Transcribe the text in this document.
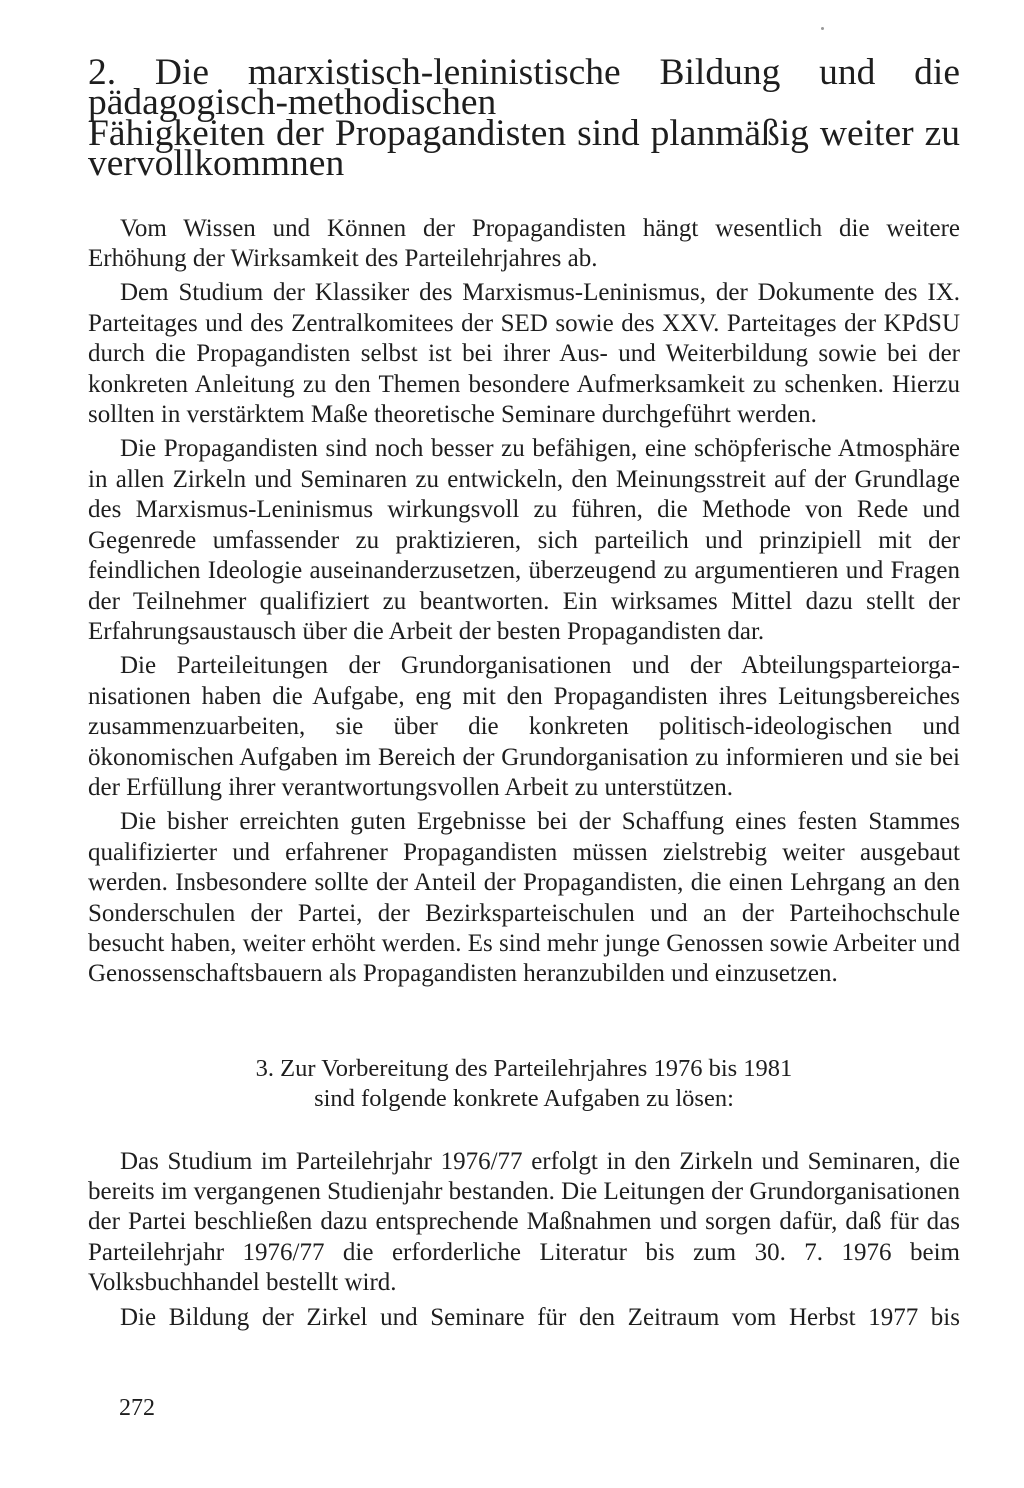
2. Die marxistisch-leninistische Bildung und die pädagogisch-methodischen
Fähigkeiten der Propagandisten sind planmäßig weiter zu vervollkommnen

Vom Wissen und Können der Propagandisten hängt wesentlich die weitere Erhöhung der Wirksamkeit des Parteilehrjahres ab.

Dem Studium der Klassiker des Marxismus-Leninismus, der Dokumente des IX. Parteitages und des Zentralkomitees der SED sowie des XXV. Parteitages der KPdSU durch die Propagandisten selbst ist bei ihrer Aus- und Weiterbildung sowie bei der konkreten Anleitung zu den Themen besondere Aufmerksamkeit zu schenken. Hierzu sollten in verstärktem Maße theoretische Seminare durchgeführt werden.

Die Propagandisten sind noch besser zu befähigen, eine schöpferische Atmosphäre in allen Zirkeln und Seminaren zu entwickeln, den Meinungsstreit auf der Grundlage des Marxismus-Leninismus wirkungsvoll zu führen, die Methode von Rede und Gegenrede umfassender zu praktizieren, sich parteilich und prinzipiell mit der feindlichen Ideologie auseinanderzusetzen, überzeugend zu argumentieren und Fragen der Teilnehmer qualifiziert zu beantworten. Ein wirksames Mittel dazu stellt der Erfahrungsaustausch über die Arbeit der besten Propagandisten dar.

Die Parteileitungen der Grundorganisationen und der Abteilungsparteiorganisationen haben die Aufgabe, eng mit den Propagandisten ihres Leitungsbereiches zusammenzuarbeiten, sie über die konkreten politisch-ideologischen und ökonomischen Aufgaben im Bereich der Grundorganisation zu informieren und sie bei der Erfüllung ihrer verantwortungsvollen Arbeit zu unterstützen.

Die bisher erreichten guten Ergebnisse bei der Schaffung eines festen Stammes qualifizierter und erfahrener Propagandisten müssen zielstrebig weiter ausgebaut werden. Insbesondere sollte der Anteil der Propagandisten, die einen Lehrgang an den Sonderschulen der Partei, der Bezirksparteischulen und an der Parteihochschule besucht haben, weiter erhöht werden. Es sind mehr junge Genossen sowie Arbeiter und Genossenschaftsbauern als Propagandisten heranzubilden und einzusetzen.

3. Zur Vorbereitung des Parteilehrjahres 1976 bis 1981
sind folgende konkrete Aufgaben zu lösen:

Das Studium im Parteilehrjahr 1976/77 erfolgt in den Zirkeln und Seminaren, die bereits im vergangenen Studienjahr bestanden. Die Leitungen der Grundorganisationen der Partei beschließen dazu entsprechende Maßnahmen und sorgen dafür, daß für das Parteilehrjahr 1976/77 die erforderliche Literatur bis zum 30. 7. 1976 beim Volksbuchhandel bestellt wird.

Die Bildung der Zirkel und Seminare für den Zeitraum vom Herbst 1977 bis

272
